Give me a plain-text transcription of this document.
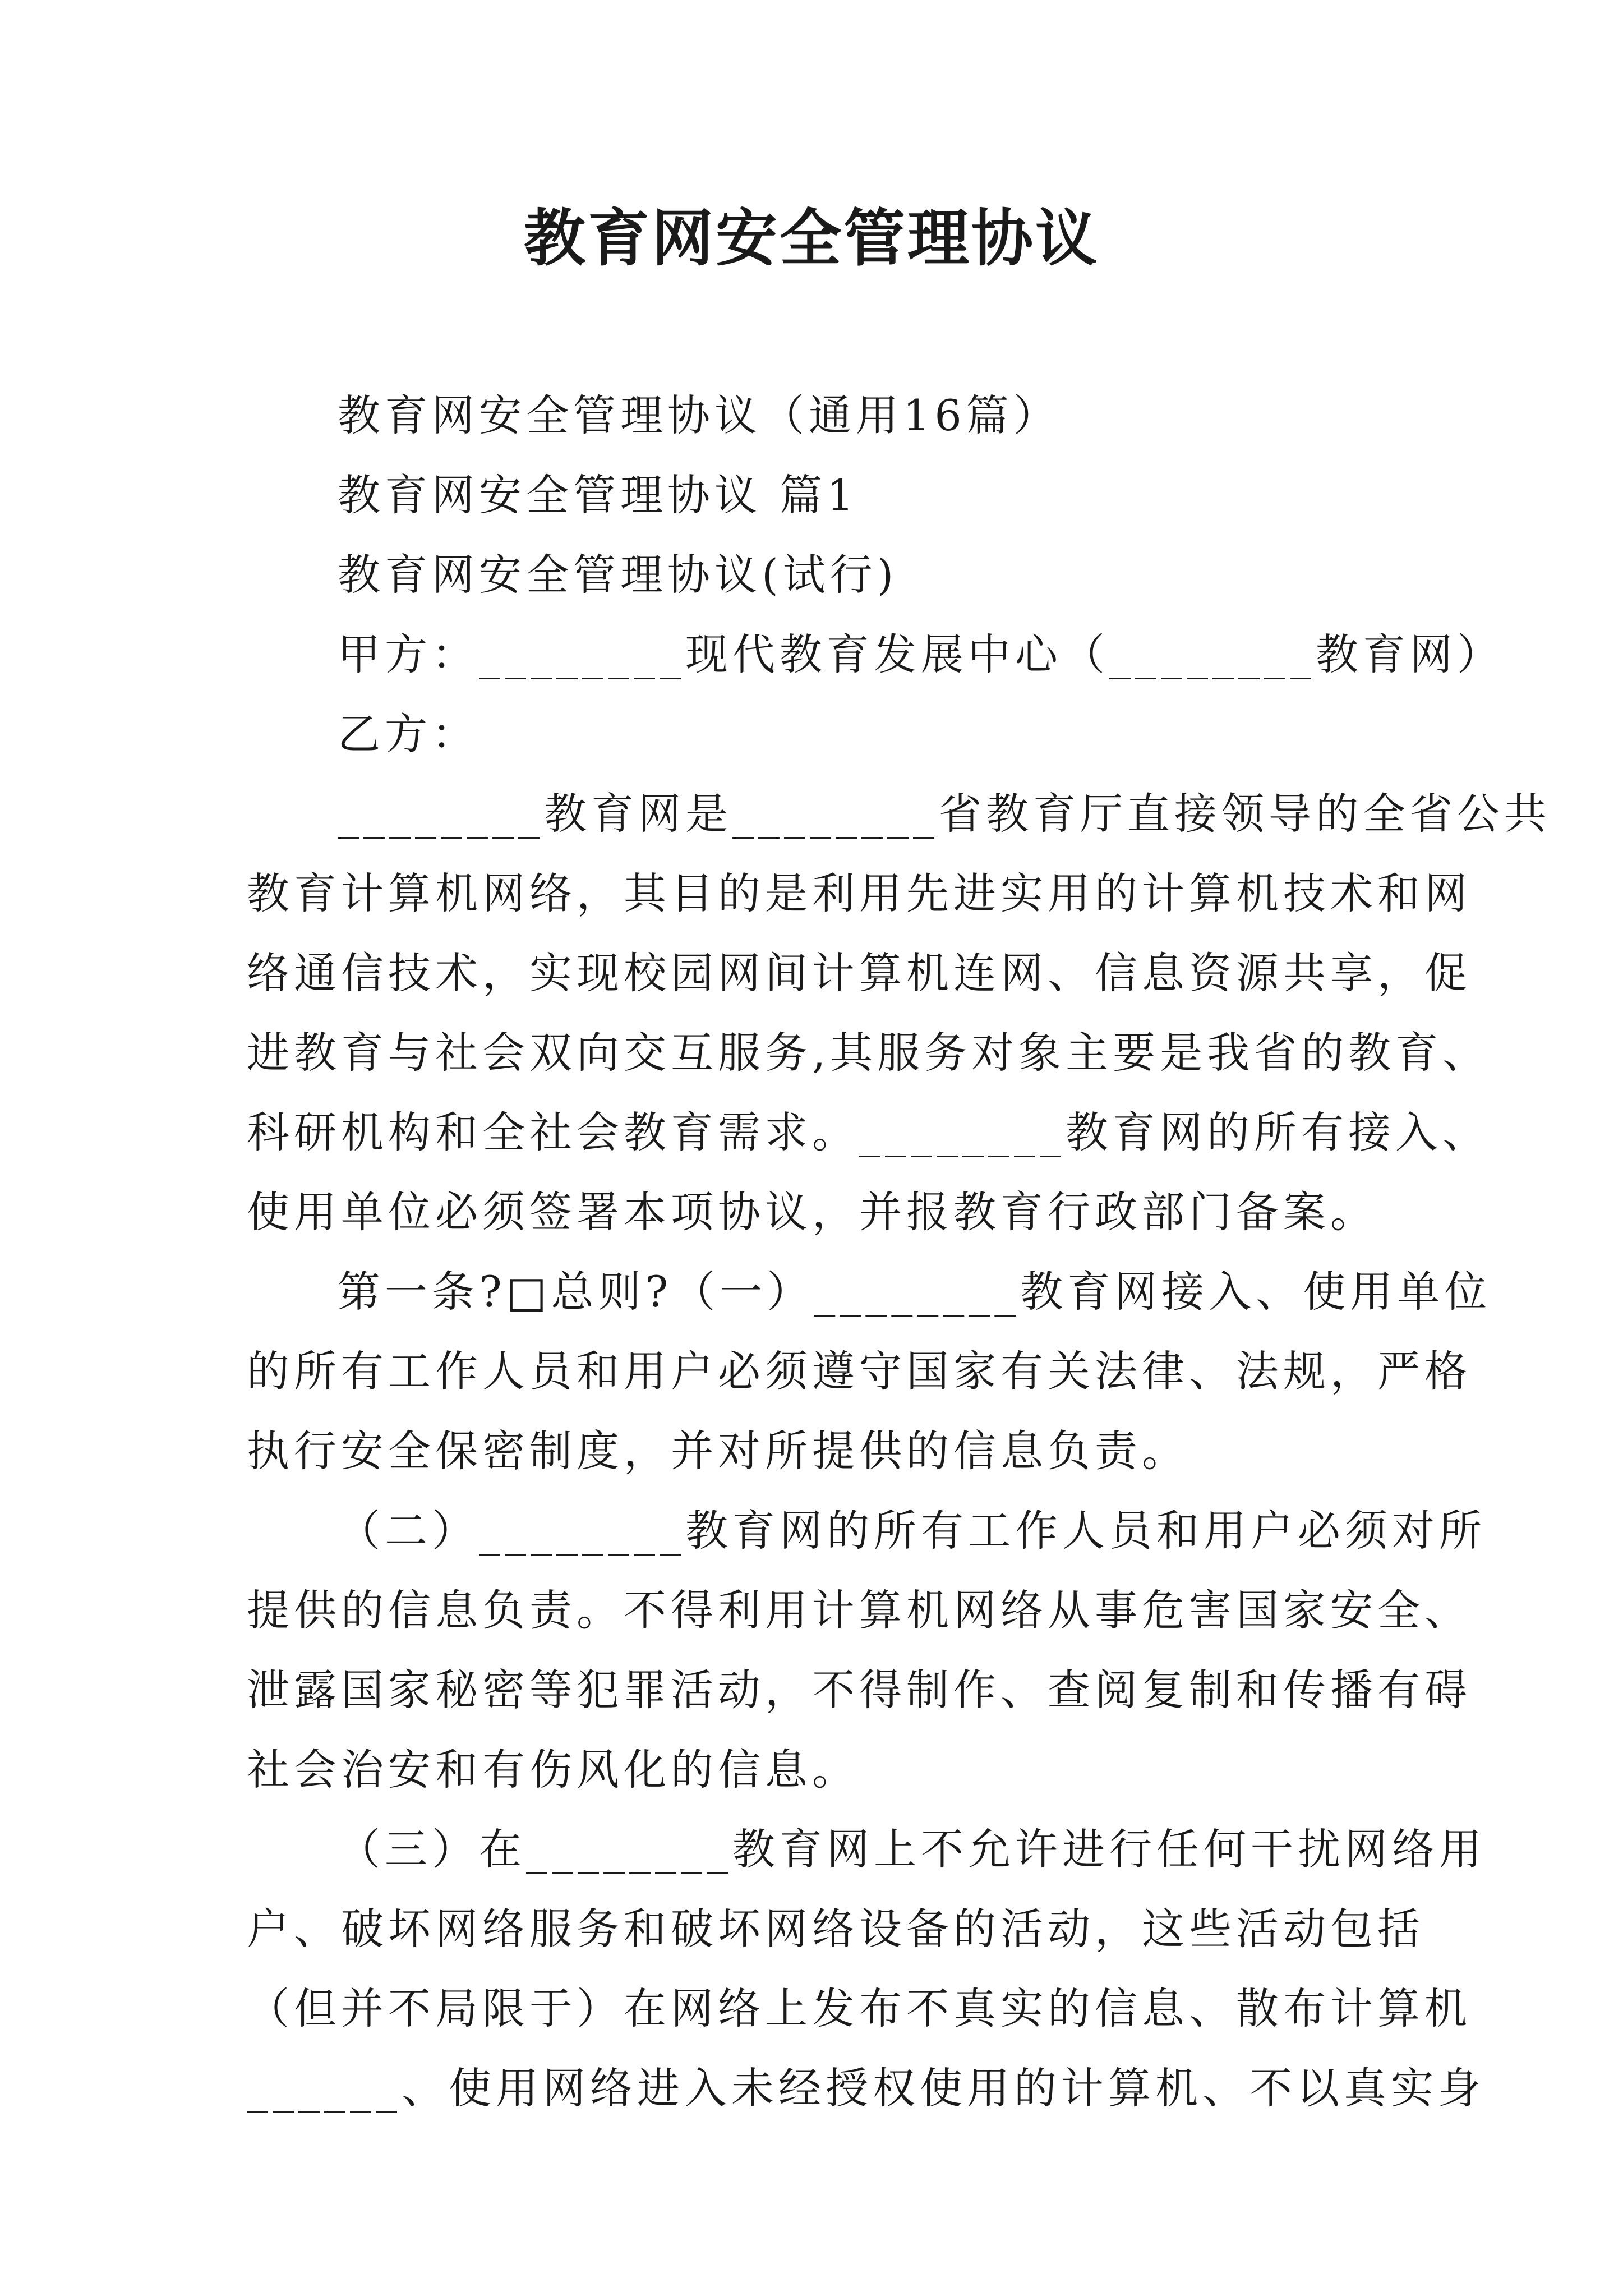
教育网安全管理协议
教育网安全管理协议（通用16篇）
教育网安全管理协议 篇1
教育网安全管理协议(试行)
甲方：________现代教育发展中心（________教育网）
乙方：
________教育网是________省教育厅直接领导的全省公共
教育计算机网络，其目的是利用先进实用的计算机技术和网
络通信技术，实现校园网间计算机连网、信息资源共享，促
进教育与社会双向交互服务,其服务对象主要是我省的教育、
科研机构和全社会教育需求。________教育网的所有接入、
使用单位必须签署本项协议，并报教育行政部门备案。
第一条?□总则?（一）________教育网接入、使用单位
的所有工作人员和用户必须遵守国家有关法律、法规，严格
执行安全保密制度，并对所提供的信息负责。
（二）________教育网的所有工作人员和用户必须对所
提供的信息负责。不得利用计算机网络从事危害国家安全、
泄露国家秘密等犯罪活动，不得制作、查阅复制和传播有碍
社会治安和有伤风化的信息。
（三）在________教育网上不允许进行任何干扰网络用
户、破坏网络服务和破坏网络设备的活动，这些活动包括
（但并不局限于）在网络上发布不真实的信息、散布计算机
______、使用网络进入未经授权使用的计算机、不以真实身
